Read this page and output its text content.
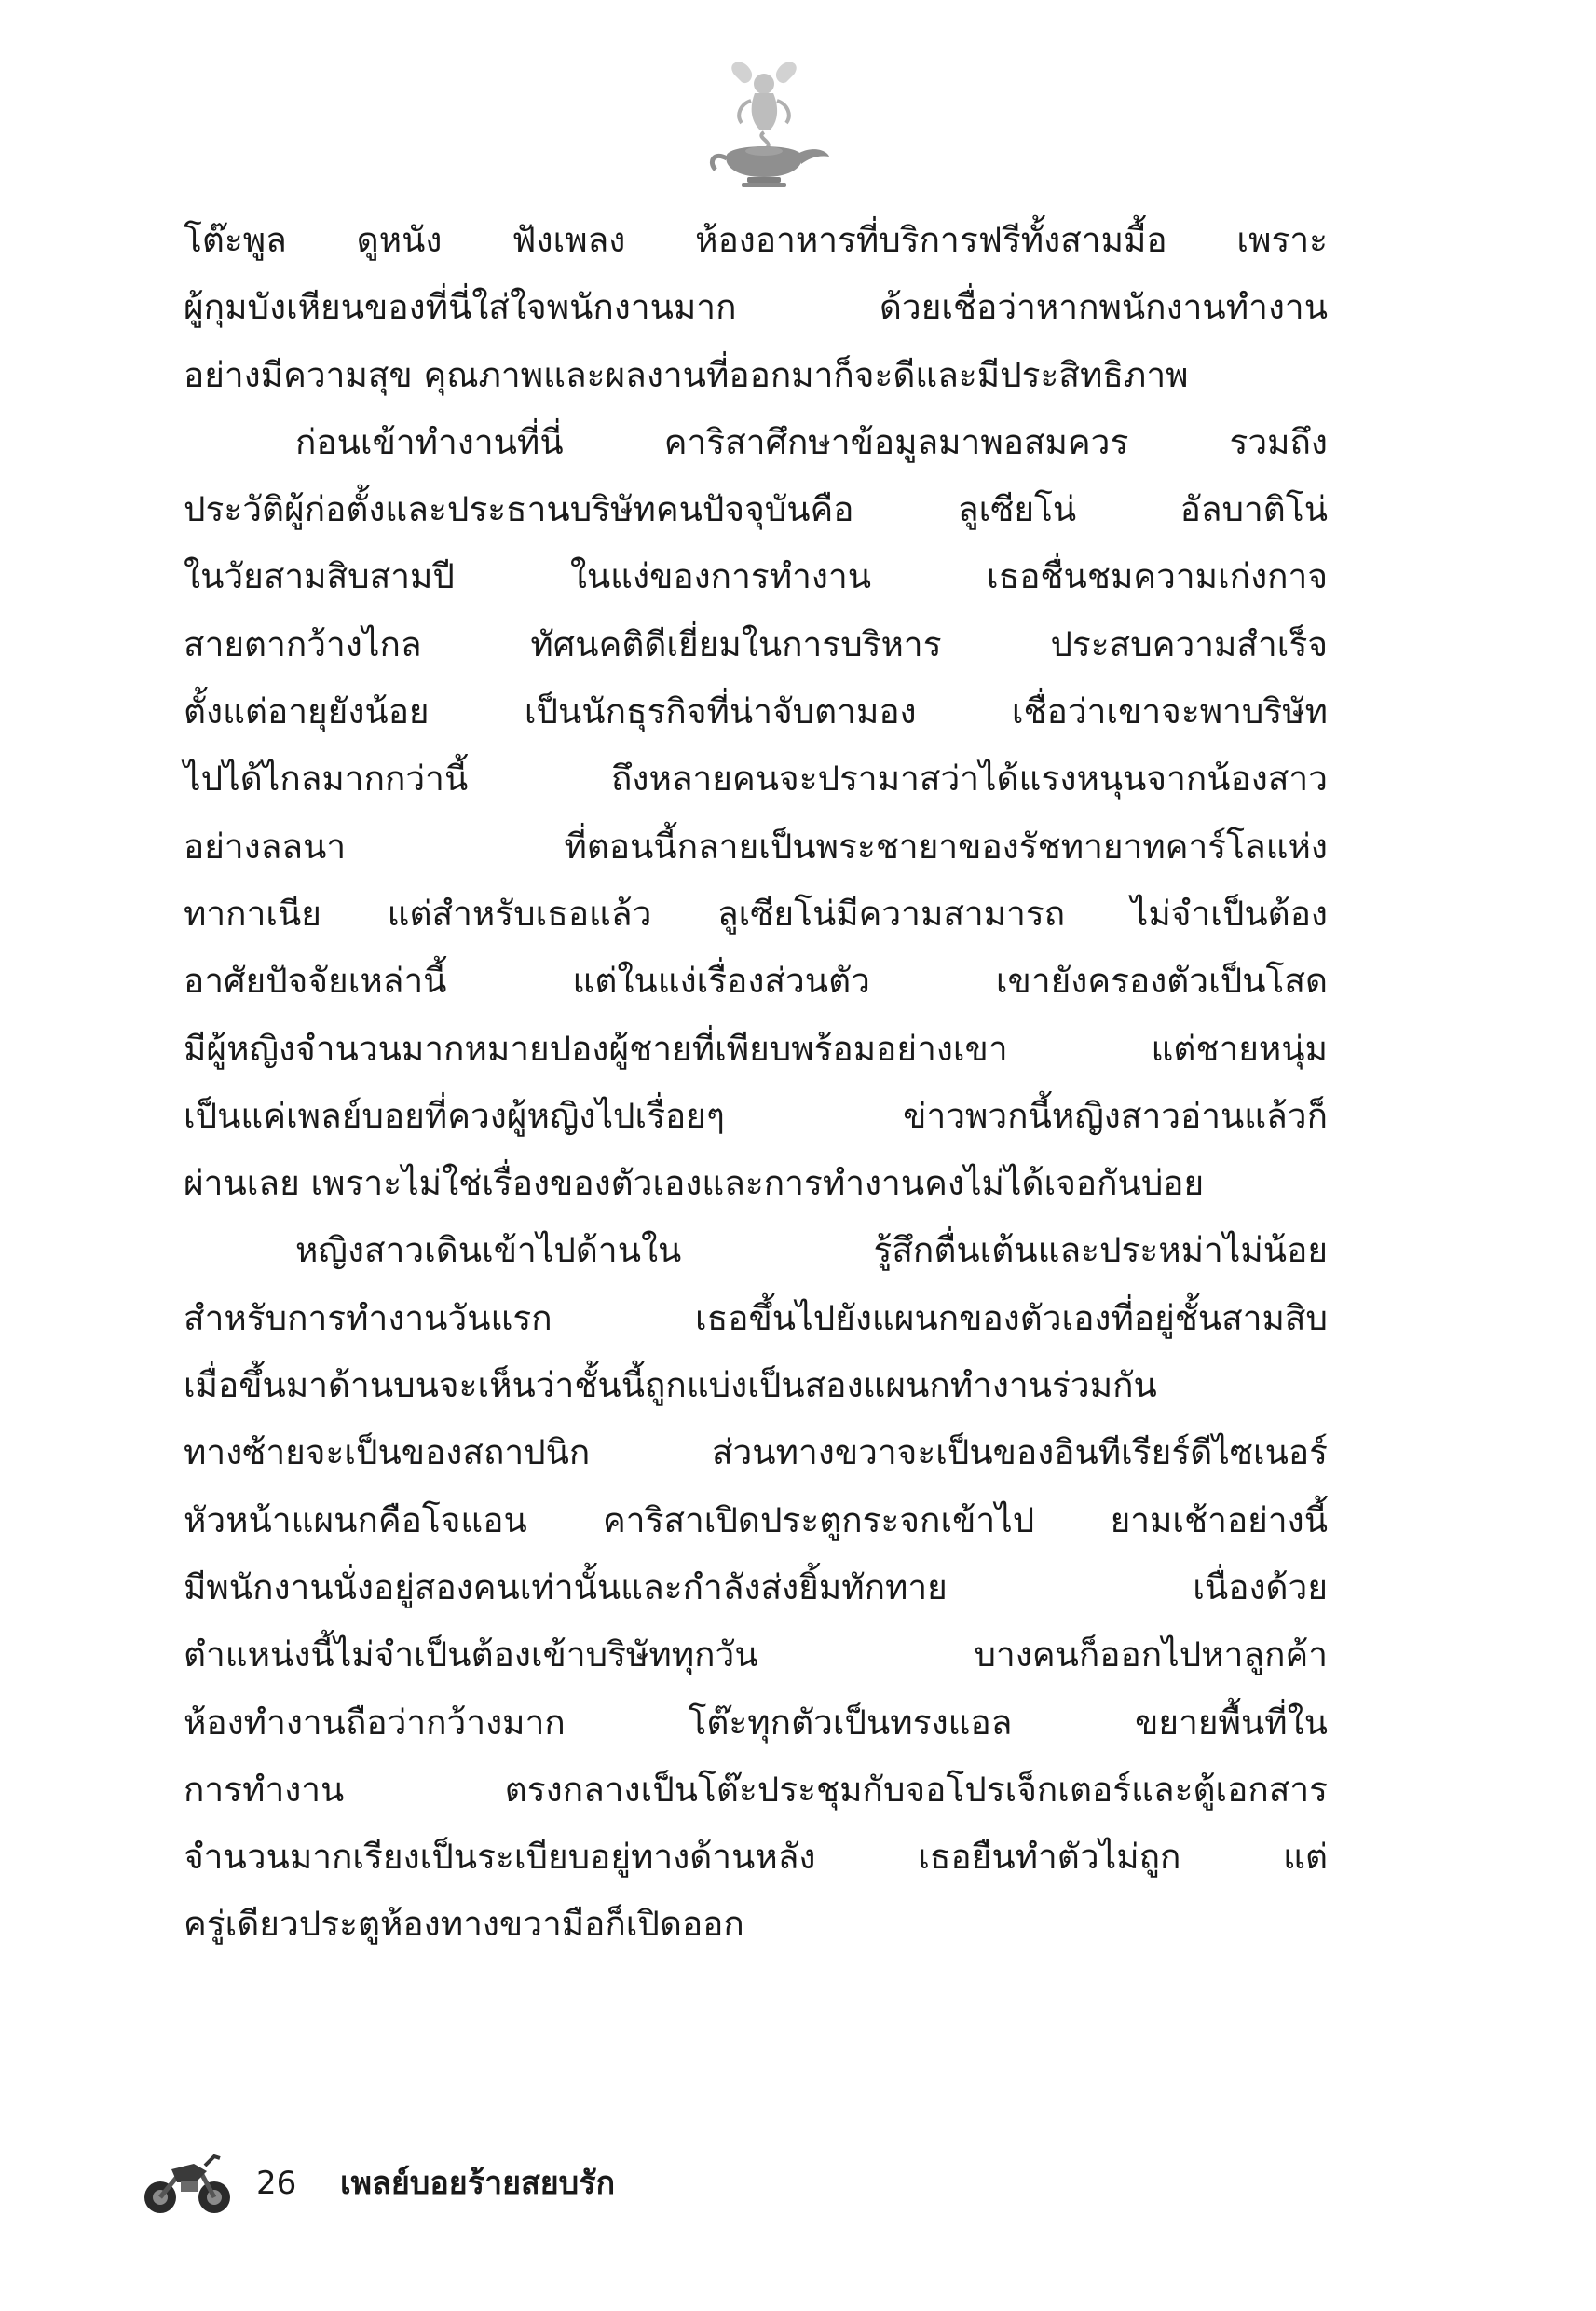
โต๊ะพูล ดูหนัง ฟังเพลง ห้องอาหารที่บริการฟรีทั้งสามมื้อ เพราะ
ผู้กุมบังเหียนของที่นี่ใส่ใจพนักงานมาก ด้วยเชื่อว่าหากพนักงานทำงาน
อย่างมีความสุข คุณภาพและผลงานที่ออกมาก็จะดีและมีประสิทธิภาพ
ก่อนเข้าทำงานที่นี่ คาริสาศึกษาข้อมูลมาพอสมควร รวมถึง
ประวัติผู้ก่อตั้งและประธานบริษัทคนปัจจุบันคือ ลูเซียโน่ อัลบาติโน่
ในวัยสามสิบสามปี ในแง่ของการทำงาน เธอชื่นชมความเก่งกาจ
สายตากว้างไกล ทัศนคติดีเยี่ยมในการบริหาร ประสบความสำเร็จ
ตั้งแต่อายุยังน้อย เป็นนักธุรกิจที่น่าจับตามอง เชื่อว่าเขาจะพาบริษัท
ไปได้ไกลมากกว่านี้ ถึงหลายคนจะปรามาสว่าได้แรงหนุนจากน้องสาว
อย่างลลนา ที่ตอนนี้กลายเป็นพระชายาของรัชทายาทคาร์โลแห่ง
ทากาเนีย แต่สำหรับเธอแล้ว ลูเซียโน่มีความสามารถ ไม่จำเป็นต้อง
อาศัยปัจจัยเหล่านี้ แต่ในแง่เรื่องส่วนตัว เขายังครองตัวเป็นโสด
มีผู้หญิงจำนวนมากหมายปองผู้ชายที่เพียบพร้อมอย่างเขา แต่ชายหนุ่ม
เป็นแค่เพลย์บอยที่ควงผู้หญิงไปเรื่อยๆ ข่าวพวกนี้หญิงสาวอ่านแล้วก็
ผ่านเลย เพราะไม่ใช่เรื่องของตัวเองและการทำงานคงไม่ได้เจอกันบ่อย
หญิงสาวเดินเข้าไปด้านใน รู้สึกตื่นเต้นและประหม่าไม่น้อย
สำหรับการทำงานวันแรก เธอขึ้นไปยังแผนกของตัวเองที่อยู่ชั้นสามสิบ
เมื่อขึ้นมาด้านบนจะเห็นว่าชั้นนี้ถูกแบ่งเป็นสองแผนกทำงานร่วมกัน
ทางซ้ายจะเป็นของสถาปนิก ส่วนทางขวาจะเป็นของอินทีเรียร์ดีไซเนอร์
หัวหน้าแผนกคือโจแอน คาริสาเปิดประตูกระจกเข้าไป ยามเช้าอย่างนี้
มีพนักงานนั่งอยู่สองคนเท่านั้นและกำลังส่งยิ้มทักทาย เนื่องด้วย
ตำแหน่งนี้ไม่จำเป็นต้องเข้าบริษัททุกวัน บางคนก็ออกไปหาลูกค้า
ห้องทำงานถือว่ากว้างมาก โต๊ะทุกตัวเป็นทรงแอล ขยายพื้นที่ใน
การทำงาน ตรงกลางเป็นโต๊ะประชุมกับจอโปรเจ็กเตอร์และตู้เอกสาร
จำนวนมากเรียงเป็นระเบียบอยู่ทางด้านหลัง เธอยืนทำตัวไม่ถูก แต่
ครู่เดียวประตูห้องทางขวามือก็เปิดออก
26 เพลย์บอยร้ายสยบรัก
